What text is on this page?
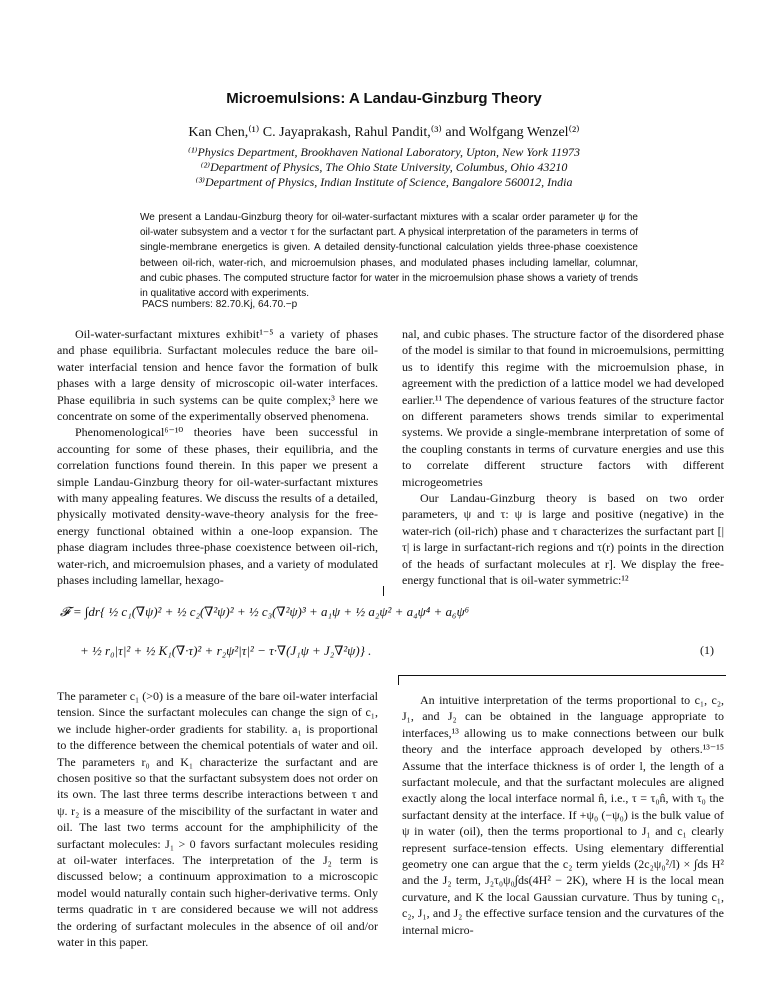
Microemulsions: A Landau-Ginzburg Theory
Kan Chen,⁽¹⁾ C. Jayaprakash, Rahul Pandit,⁽³⁾ and Wolfgang Wenzel⁽²⁾
⁽¹⁾Physics Department, Brookhaven National Laboratory, Upton, New York 11973
⁽²⁾Department of Physics, The Ohio State University, Columbus, Ohio 43210
⁽³⁾Department of Physics, Indian Institute of Science, Bangalore 560012, India
We present a Landau-Ginzburg theory for oil-water-surfactant mixtures with a scalar order parameter ψ for the oil-water subsystem and a vector τ for the surfactant part. A physical interpretation of the parameters in terms of single-membrane energetics is given. A detailed density-functional calculation yields three-phase coexistence between oil-rich, water-rich, and microemulsion phases, and modulated phases including lamellar, columnar, and cubic phases. The computed structure factor for water in the microemulsion phase shows a variety of trends in qualitative accord with experiments.
PACS numbers: 82.70.Kj, 64.70.−p

Oil-water-surfactant mixtures exhibit¹⁻⁵ a variety of phases and phase equilibria. Surfactant molecules reduce the bare oil-water interfacial tension and hence favor the formation of bulk phases with a large density of microscopic oil-water interfaces. Phase equilibria in such systems can be quite complex;³ here we concentrate on some of the experimentally observed phenomena.

Phenomenological⁶⁻¹⁰ theories have been successful in accounting for some of these phases, their equilibria, and the correlation functions found therein. In this paper we present a simple Landau-Ginzburg theory for oil-water-surfactant mixtures with many appealing features. We discuss the results of a detailed, physically motivated density-wave-theory analysis for the free-energy functional obtained within a one-loop expansion. The phase diagram includes three-phase coexistence between oil-rich, water-rich, and microemulsion phases, and a variety of modulated phases including lamellar, hexago-

nal, and cubic phases. The structure factor of the disordered phase of the model is similar to that found in microemulsions, permitting us to identify this regime with the microemulsion phase, in agreement with the prediction of a lattice model we had developed earlier.¹¹ The dependence of various features of the structure factor on different parameters shows trends similar to experimental systems. We provide a single-membrane interpretation of some of the coupling constants in terms of curvature energies and use this to correlate different structure factors with different microgeometries

Our Landau-Ginzburg theory is based on two order parameters, ψ and τ: ψ is large and positive (negative) in the water-rich (oil-rich) phase and τ characterizes the surfactant part [|τ| is large in surfactant-rich regions and τ(r) points in the direction of the heads of surfactant molecules at r]. We display the free-energy functional that is oil-water symmetric:¹²

𝓕 = ∫dr{ ½ c₁(∇ψ)² + ½ c₂(∇²ψ)² + ½ c₃(∇²ψ)³ + a₁ψ + ½ a₂ψ² + a₄ψ⁴ + a₆ψ⁶
+ ½ r₀|τ|² + ½ K₁(∇·τ)² + r₂ψ²|τ|² − τ·∇(J₁ψ + J₂∇²ψ)} .	(1)

The parameter c₁ (>0) is a measure of the bare oil-water interfacial tension. Since the surfactant molecules can change the sign of c₁, we include higher-order gradients for stability. a₁ is proportional to the difference between the chemical potentials of water and oil. The parameters r₀ and K₁ characterize the surfactant and are chosen positive so that the surfactant subsystem does not order on its own. The last three terms describe interactions between τ and ψ. r₂ is a measure of the miscibility of the surfactant in water and oil. The last two terms account for the amphiphilicity of the surfactant molecules: J₁ > 0 favors surfactant molecules residing at oil-water interfaces. The interpretation of the J₂ term is discussed below; a continuum approximation to a microscopic model would naturally contain such higher-derivative terms. Only terms quadratic in τ are considered because we will not address the ordering of surfactant molecules in the absence of oil and/or water in this paper.

An intuitive interpretation of the terms proportional to c₁, c₂, J₁, and J₂ can be obtained in the language appropriate to interfaces,¹³ allowing us to make connections between our bulk theory and the interface approach developed by others.¹³⁻¹⁵ Assume that the interface thickness is of order l, the length of a surfactant molecule, and that the surfactant molecules are aligned exactly along the local interface normal n̂, i.e., τ = τ₀n̂, with τ₀ the surfactant density at the interface. If +ψ₀ (−ψ₀) is the bulk value of ψ in water (oil), then the terms proportional to J₁ and c₁ clearly represent surface-tension effects. Using elementary differential geometry one can argue that the c₂ term yields (2c₂ψ₀²/l) × ∫ds H² and the J₂ term, J₂τ₀ψ₀∫ds(4H² − 2K), where H is the local mean curvature, and K the local Gaussian curvature. Thus by tuning c₁, c₂, J₁, and J₂ the effective surface tension and the curvatures of the internal micro-
